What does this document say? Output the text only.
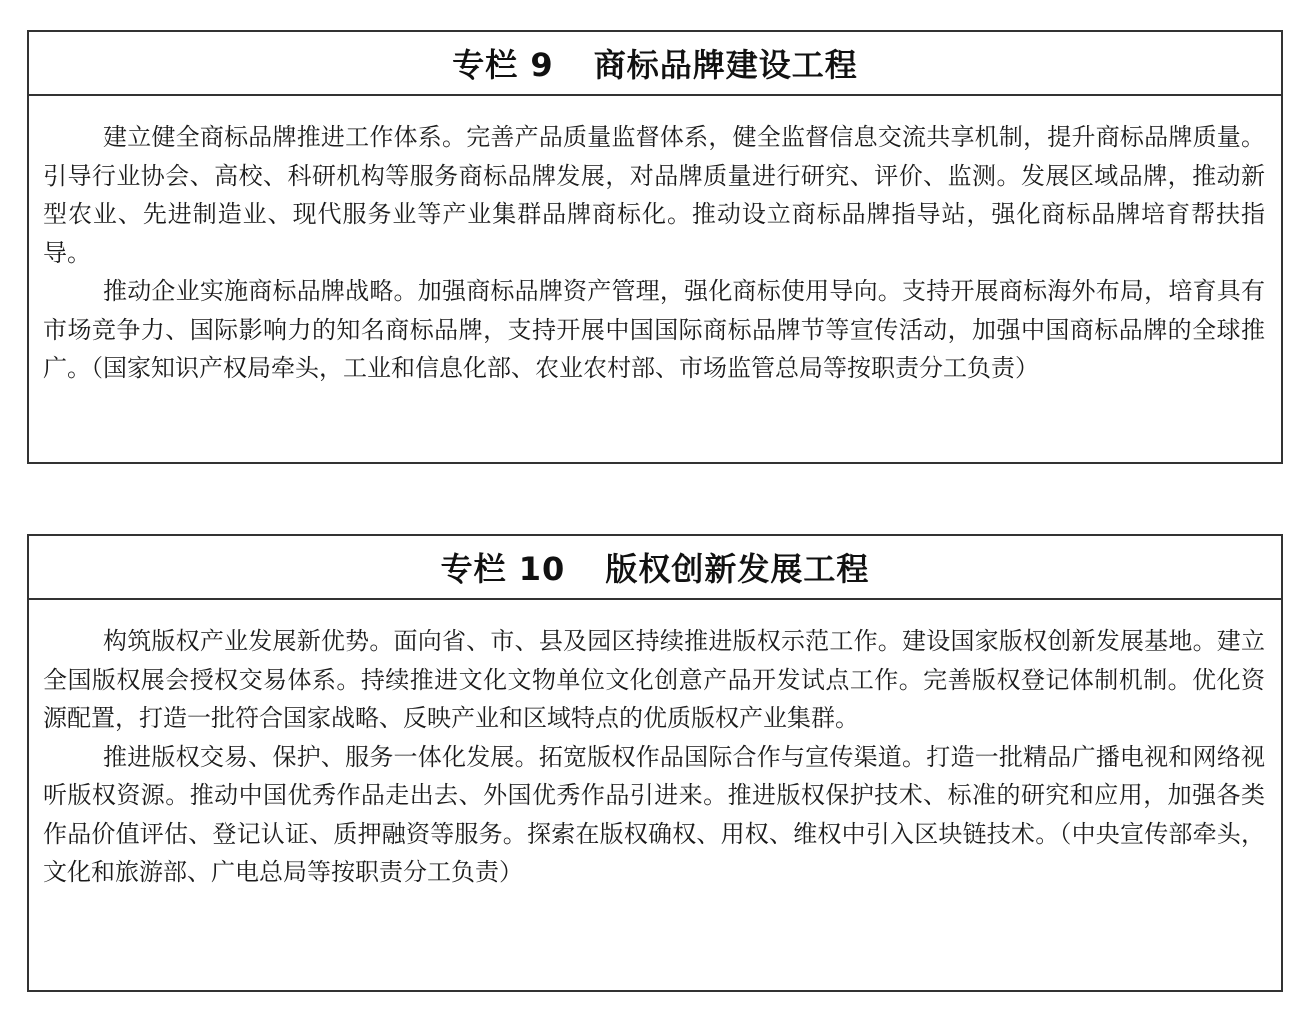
专栏 9 商标品牌建设工程

建立健全商标品牌推进工作体系。完善产品质量监督体系，健全监督信息交流共享机制，提升商标品牌质量。引导行业协会、高校、科研机构等服务商标品牌发展，对品牌质量进行研究、评价、监测。发展区域品牌，推动新型农业、先进制造业、现代服务业等产业集群品牌商标化。推动设立商标品牌指导站，强化商标品牌培育帮扶指导。

推动企业实施商标品牌战略。加强商标品牌资产管理，强化商标使用导向。支持开展商标海外布局，培育具有市场竞争力、国际影响力的知名商标品牌，支持开展中国国际商标品牌节等宣传活动，加强中国商标品牌的全球推广。（国家知识产权局牵头，工业和信息化部、农业农村部、市场监管总局等按职责分工负责）

专栏 10 版权创新发展工程

构筑版权产业发展新优势。面向省、市、县及园区持续推进版权示范工作。建设国家版权创新发展基地。建立全国版权展会授权交易体系。持续推进文化文物单位文化创意产品开发试点工作。完善版权登记体制机制。优化资源配置，打造一批符合国家战略、反映产业和区域特点的优质版权产业集群。

推进版权交易、保护、服务一体化发展。拓宽版权作品国际合作与宣传渠道。打造一批精品广播电视和网络视听版权资源。推动中国优秀作品走出去、外国优秀作品引进来。推进版权保护技术、标准的研究和应用，加强各类作品价值评估、登记认证、质押融资等服务。探索在版权确权、用权、维权中引入区块链技术。（中央宣传部牵头，文化和旅游部、广电总局等按职责分工负责）
